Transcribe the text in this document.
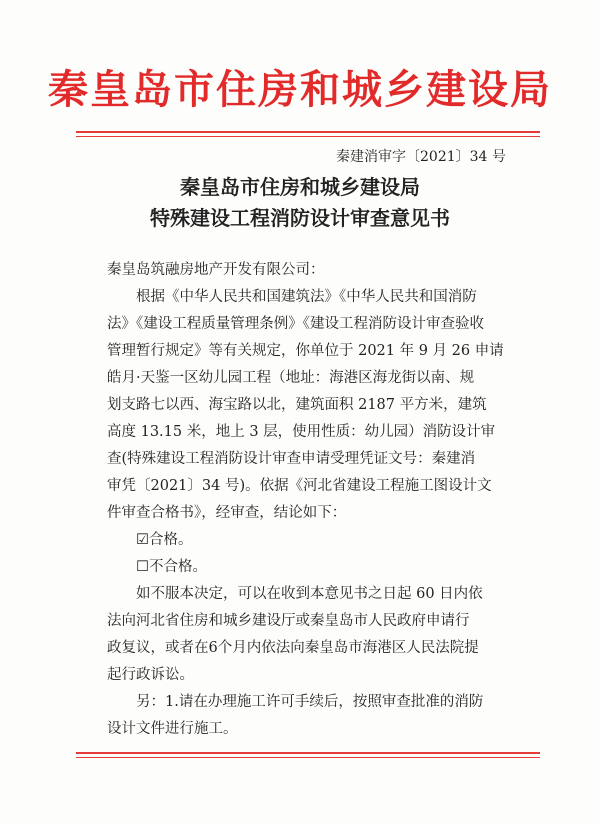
秦皇岛市住房和城乡建设局
秦建消审字〔2021〕34 号
秦皇岛市住房和城乡建设局
特殊建设工程消防设计审查意见书
秦皇岛筑融房地产开发有限公司：
根据《中华人民共和国建筑法》《中华人民共和国消防
法》《建设工程质量管理条例》《建设工程消防设计审查验收
管理暂行规定》等有关规定，你单位于 2021 年 9 月 26 申请
皓月·天鉴一区幼儿园工程（地址：海港区海龙街以南、规
划支路七以西、海宝路以北，建筑面积 2187 平方米，建筑
高度 13.15 米，地上 3 层，使用性质：幼儿园）消防设计审
查(特殊建设工程消防设计审查申请受理凭证文号：秦建消
审凭〔2021〕34 号)。依据《河北省建设工程施工图设计文
件审查合格书》，经审查，结论如下：
☑合格。
☐不合格。
如不服本决定，可以在收到本意见书之日起 60 日内依
法向河北省住房和城乡建设厅或秦皇岛市人民政府申请行
政复议，或者在6个月内依法向秦皇岛市海港区人民法院提
起行政诉讼。
另：1.请在办理施工许可手续后，按照审查批准的消防
设计文件进行施工。
